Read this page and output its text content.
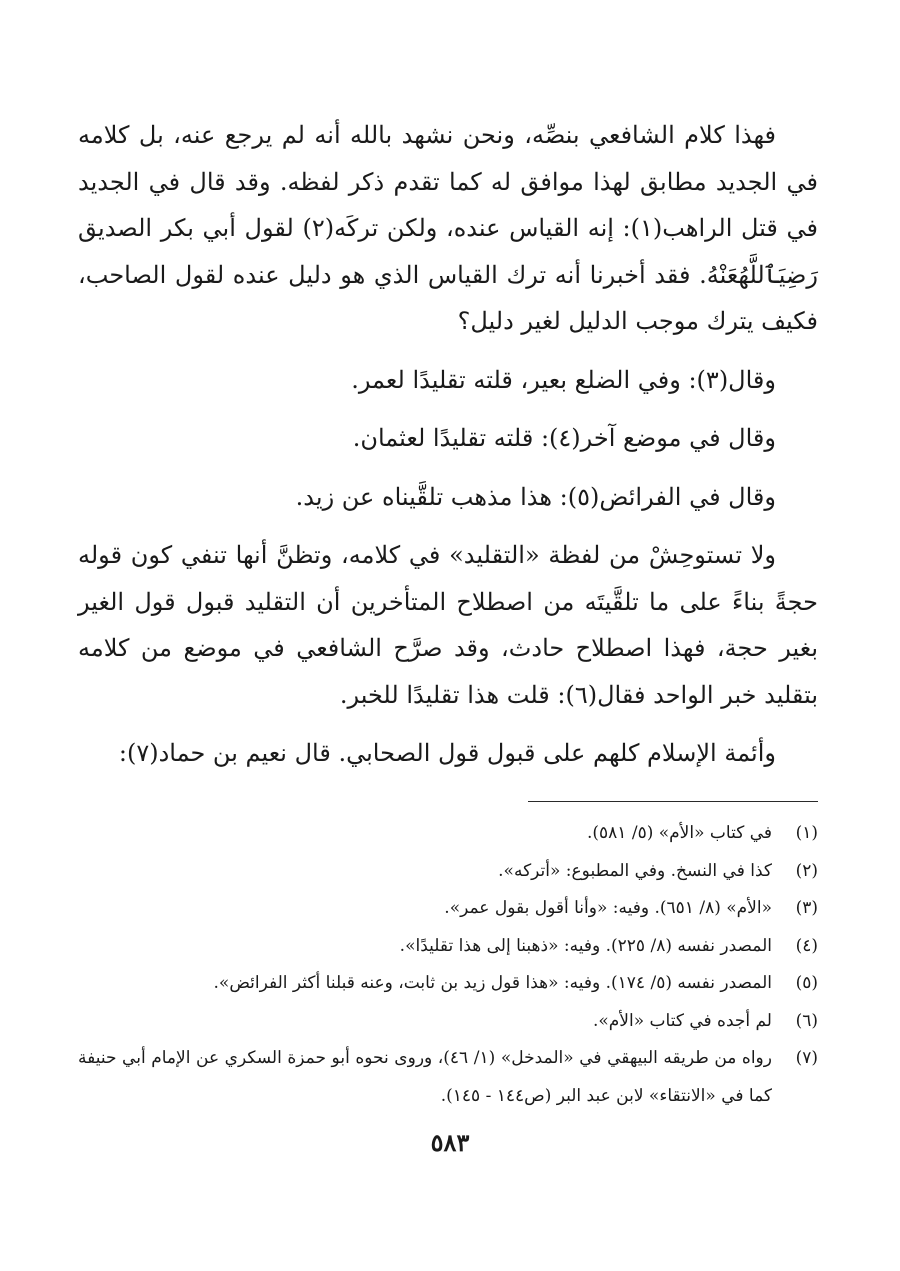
فهذا كلام الشافعي بنصِّه، ونحن نشهد بالله أنه لم يرجع عنه، بل كلامه في الجديد مطابق لهذا موافق له كما تقدم ذكر لفظه. وقد قال في الجديد في قتل الراهب(١): إنه القياس عنده، ولكن تركَه(٢) لقول أبي بكر الصديق رَضِيَٱللَّهُعَنْهُ. فقد أخبرنا أنه ترك القياس الذي هو دليل عنده لقول الصاحب، فكيف يترك موجب الدليل لغير دليل؟

وقال(٣): وفي الضلع بعير، قلته تقليدًا لعمر.

وقال في موضع آخر(٤): قلته تقليدًا لعثمان.

وقال في الفرائض(٥): هذا مذهب تلقَّيناه عن زيد.

ولا تستوحِشْ من لفظة «التقليد» في كلامه، وتظنَّ أنها تنفي كون قوله حجةً بناءً على ما تلقَّيتَه من اصطلاح المتأخرين أن التقليد قبول قول الغير بغير حجة، فهذا اصطلاح حادث، وقد صرَّح الشافعي في موضع من كلامه بتقليد خبر الواحد فقال(٦): قلت هذا تقليدًا للخبر.

وأئمة الإسلام كلهم على قبول قول الصحابي. قال نعيم بن حماد(٧):

(١)
في كتاب «الأم» (٥/ ٥٨١).
(٢)
كذا في النسخ. وفي المطبوع: «أتركه».
(٣)
«الأم» (٨/ ٦٥١). وفيه: «وأنا أقول بقول عمر».
(٤)
المصدر نفسه (٨/ ٢٢٥). وفيه: «ذهبنا إلى هذا تقليدًا».
(٥)
المصدر نفسه (٥/ ١٧٤). وفيه: «هذا قول زيد بن ثابت، وعنه قبلنا أكثر الفرائض».
(٦)
لم أجده في كتاب «الأم».
(٧)
رواه من طريقه البيهقي في «المدخل» (١/ ٤٦)، وروى نحوه أبو حمزة السكري عن الإمام أبي حنيفة كما في «الانتقاء» لابن عبد البر (ص١٤٤ - ١٤٥).
٥٨٣
